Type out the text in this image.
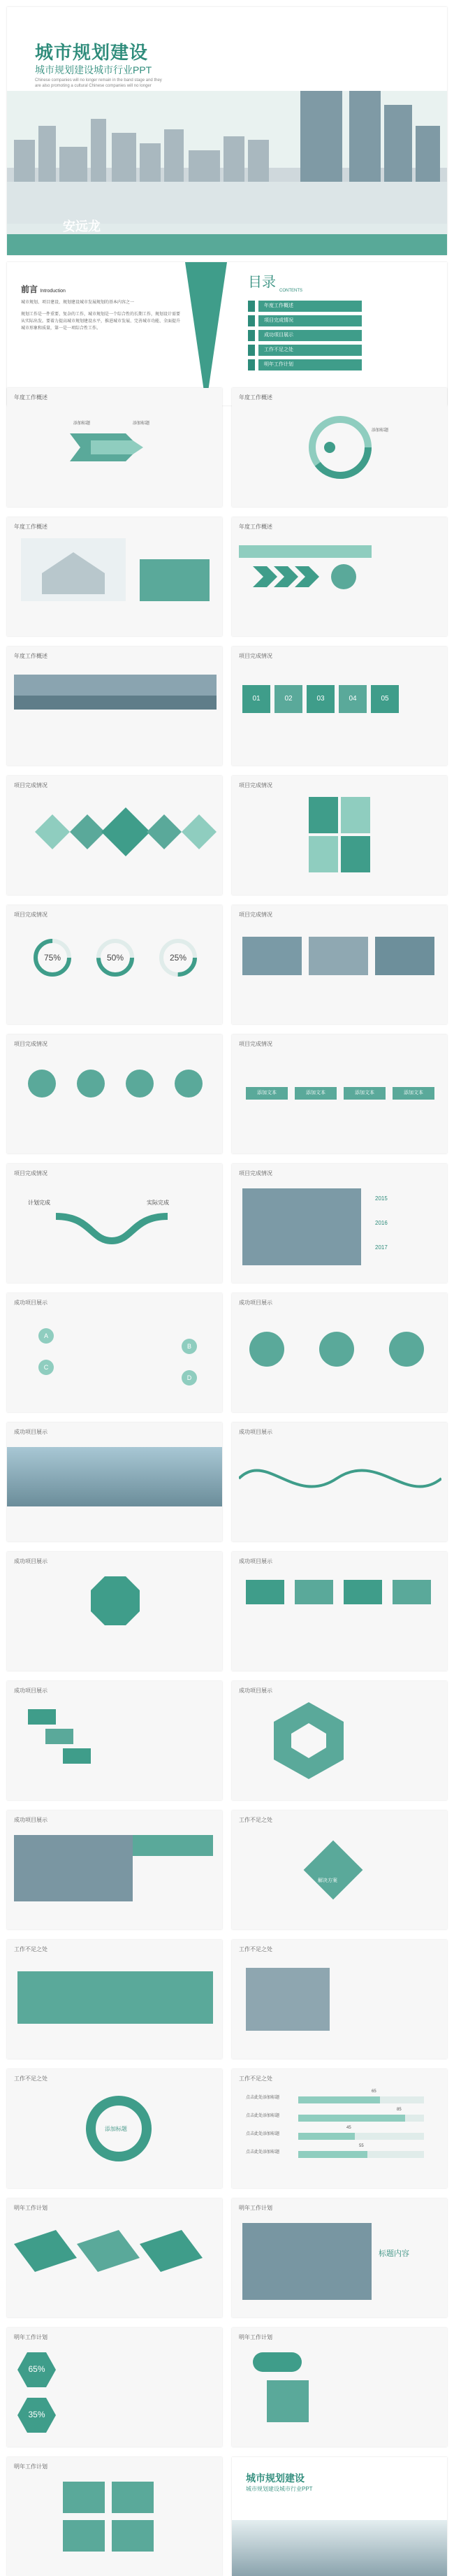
城市规划建设
城市规划建设城市行业PPT
Chinese companies will no longer remain in the band stage and they
are also promoting a cultural Chinese companies will no longer
安远龙
前言 Introduction
城市规划、项目建设、规划建设城市发展规划的基本内容之一
规划工作是一件重要、复杂的工作，城市规划是一个综合性的长期工作，规划设计需要从实际出发。要着力提高城市规划建设水平，推进城市发展、完善城市功能、全面提升城市形象和质量，第一是一项综合性工作。
目录
CONTENTS
年度工作概述
项目完成情况
成功项目展示
工作不足之处
明年工作计划
年度工作概述
添加标题	添加标题
年度工作概述
添加标题
年度工作概述	年度工作概述
年度工作概述	项目完成情况
01	02	03	04	05
项目完成情况	项目完成情况
项目完成情况
75%	50%	25%
项目完成情况
项目完成情况	项目完成情况
添加文本	添加文本	添加文本	添加文本
项目完成情况
计划完成	实际完成
项目完成情况
2015
2016
2017
成功项目展示
A
B
C
D
成功项目展示
成功项目展示	成功项目展示
成功项目展示	成功项目展示
成功项目展示	成功项目展示
成功项目展示	工作不足之处
解决方案
工作不足之处	工作不足之处
工作不足之处
添加标题
工作不足之处
点击此处添加标题
65
点击此处添加标题
85
点击此处添加标题
45
点击此处添加标题
55
明年工作计划	明年工作计划
标题内容
明年工作计划
65%
35%
明年工作计划
明年工作计划
城市规划建设
城市规划建设城市行业PPT
